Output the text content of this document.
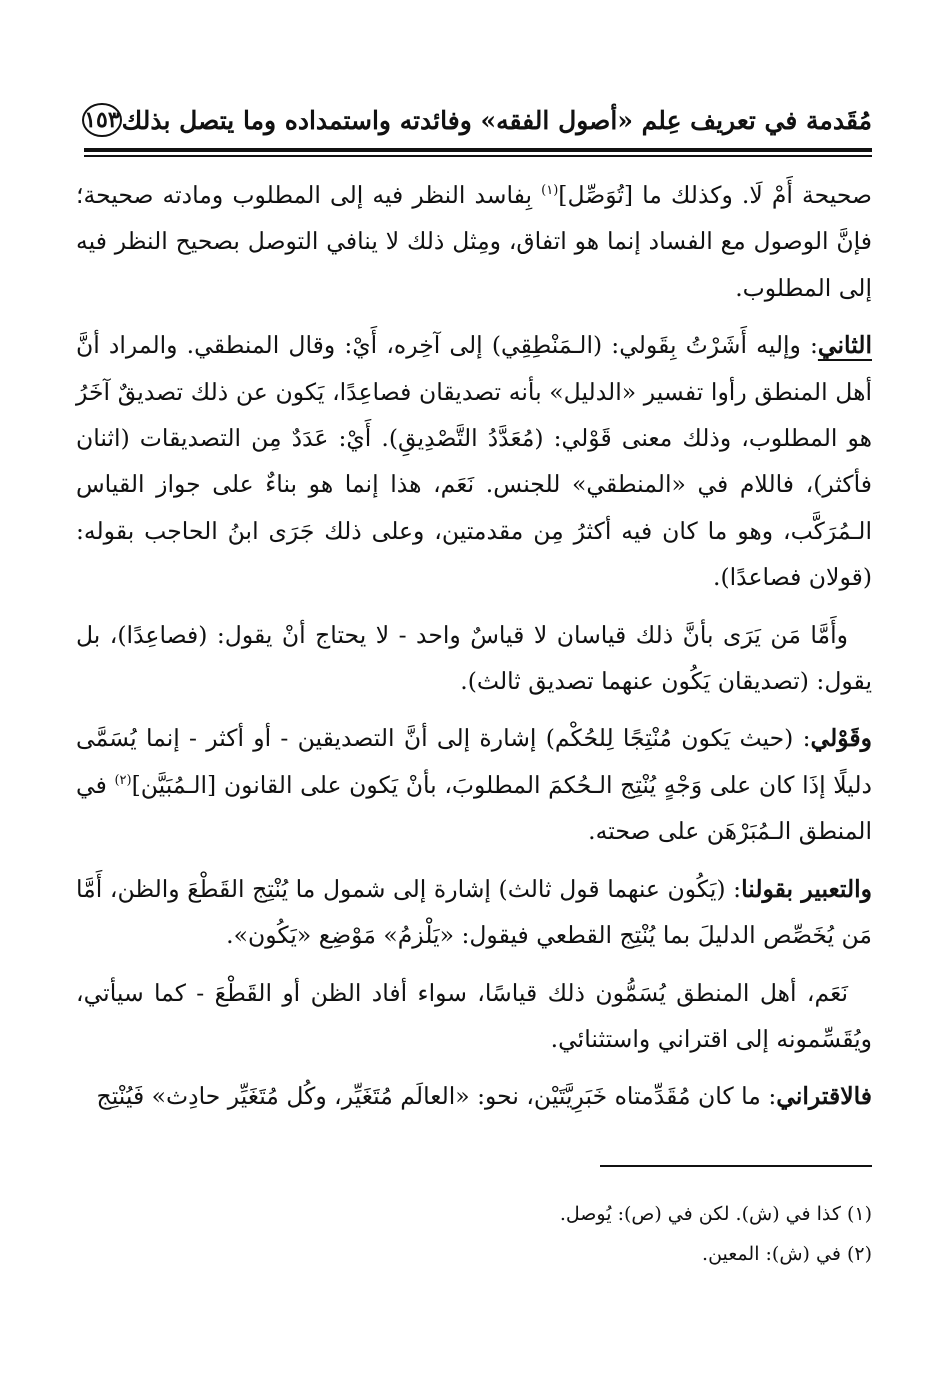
مُقَدمة في تعريف عِلم «أصول الفقه» وفائدته واستمداده وما يتصل بذلك
١٥٣

صحيحة أَمْ لَا. وكذلك ما [تُوَصِّل]$^{(١)}$ بِفاسد النظر فيه إلى المطلوب ومادته صحيحة؛ فإنَّ الوصول مع الفساد إنما هو اتفاق، ومِثل ذلك لا ينافي التوصل بصحيح النظر فيه إلى المطلوب.

الثاني: وإليه أَشَرْتُ بِقَولي: (الـمَنْطِقِي) إلى آخِره، أَيْ: وقال المنطقي. والمراد أنَّ أهل المنطق رأوا تفسير «الدليل» بأنه تصديقان فصاعِدًا، يَكون عن ذلك تصديقٌ آخَرُ هو المطلوب، وذلك معنى قَوْلي: (مُعَدَّدُ التَّصْدِيقِ). أَيْ: عَدَدٌ مِن التصديقات (اثنان فأكثر)، فاللام في «المنطقي» للجنس. نَعَم، هذا إنما هو بناءٌ على جواز القياس الـمُرَكَّب، وهو ما كان فيه أكثرُ مِن مقدمتين، وعلى ذلك جَرَى ابنُ الحاجب بقوله: (قولان فصاعدًا).

وأَمَّا مَن يَرَى بأنَّ ذلك قياسان لا قياسٌ واحد - لا يحتاج أنْ يقول: (فصاعِدًا)، بل يقول: (تصديقان يَكُون عنهما تصديق ثالث).

وقَوْلي: (حيث يَكون مُنْتِجًا لِلحُكْم) إشارة إلى أنَّ التصديقين - أو أكثر - إنما يُسَمَّى دليلًا إذَا كان على وَجْهٍ يُنْتِج الـحُكمَ المطلوبَ، بأنْ يَكون على القانون [الـمُبَيَّن]$^{(٢)}$ في المنطق الـمُبَرْهَن على صحته.

والتعبير بقولنا: (يَكُون عنهما قول ثالث) إشارة إلى شمول ما يُنْتِج القَطْعَ والظن، أَمَّا مَن يُخَصِّص الدليلَ بما يُنْتِج القطعي فيقول: «يَلْزمُ» مَوْضِع «يَكُون».

نَعَم، أهل المنطق يُسَمُّون ذلك قياسًا، سواء أفاد الظن أو القَطْعَ - كما سيأتي، ويُقَسِّمونه إلى اقتراني واستثنائي.

فالاقتراني: ما كان مُقَدِّمتاه خَبَرِيَّتَيْن، نحو: «العالَم مُتَغَيِّر، وكُل مُتَغَيِّر حادِث» فَيُنْتِج

(١) كذا في (ش). لكن في (ص): يُوصل.
(٢) في (ش): المعين.
